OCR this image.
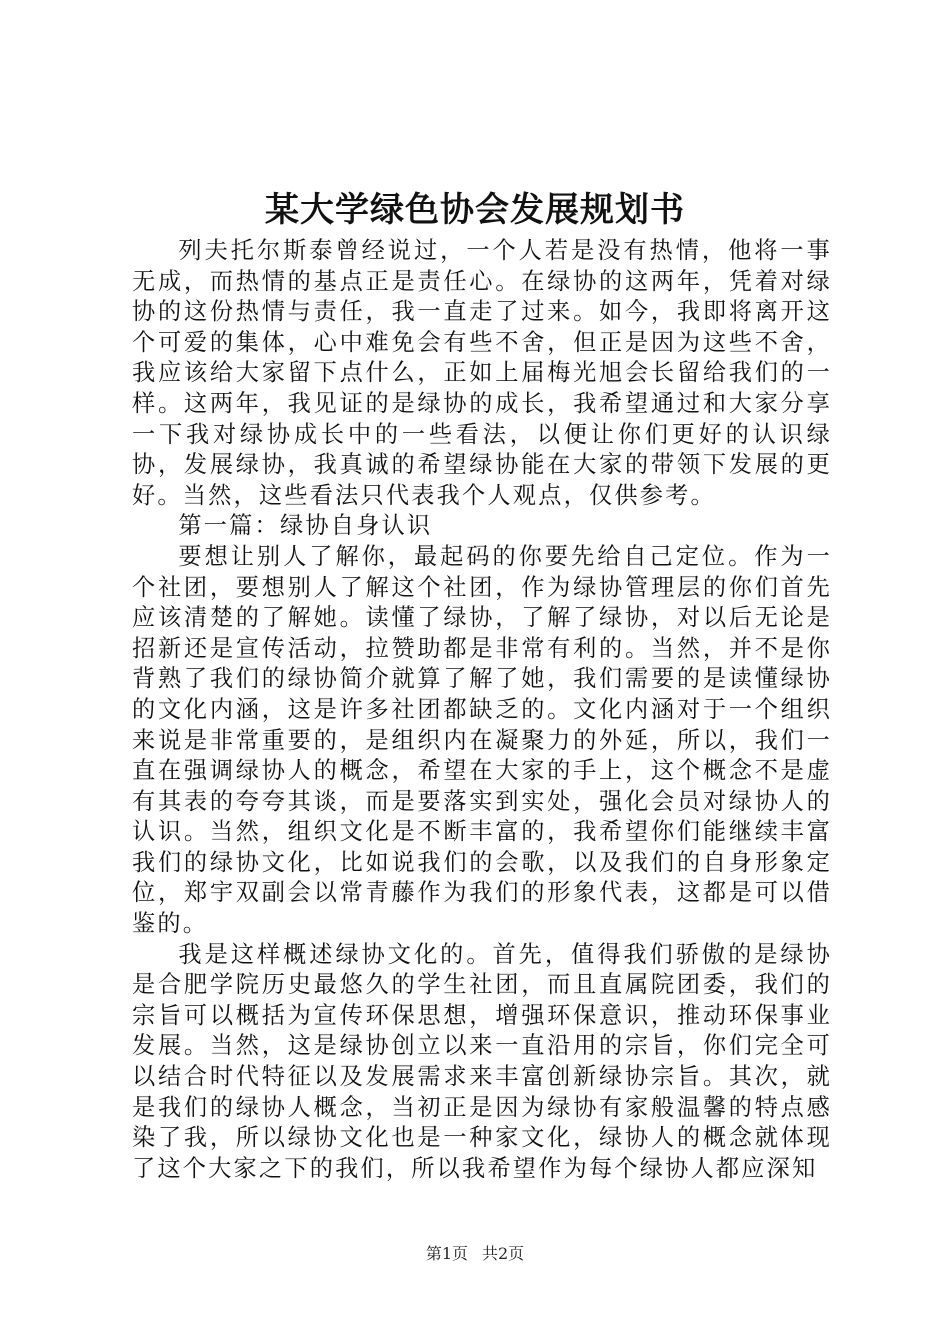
某大学绿色协会发展规划书

列夫托尔斯泰曾经说过，一个人若是没有热情，他将一事无成，而热情的基点正是责任心。在绿协的这两年，凭着对绿协的这份热情与责任，我一直走了过来。如今，我即将离开这个可爱的集体，心中难免会有些不舍，但正是因为这些不舍，我应该给大家留下点什么，正如上届梅光旭会长留给我们的一样。这两年，我见证的是绿协的成长，我希望通过和大家分享一下我对绿协成长中的一些看法，以便让你们更好的认识绿协，发展绿协，我真诚的希望绿协能在大家的带领下发展的更好。当然，这些看法只代表我个人观点，仅供参考。

第一篇：绿协自身认识

要想让别人了解你，最起码的你要先给自己定位。作为一个社团，要想别人了解这个社团，作为绿协管理层的你们首先应该清楚的了解她。读懂了绿协，了解了绿协，对以后无论是招新还是宣传活动，拉赞助都是非常有利的。当然，并不是你背熟了我们的绿协简介就算了解了她，我们需要的是读懂绿协的文化内涵，这是许多社团都缺乏的。文化内涵对于一个组织来说是非常重要的，是组织内在凝聚力的外延，所以，我们一直在强调绿协人的概念，希望在大家的手上，这个概念不是虚有其表的夸夸其谈，而是要落实到实处，强化会员对绿协人的认识。当然，组织文化是不断丰富的，我希望你们能继续丰富我们的绿协文化，比如说我们的会歌，以及我们的自身形象定位，郑宇双副会以常青藤作为我们的形象代表，这都是可以借鉴的。

我是这样概述绿协文化的。首先，值得我们骄傲的是绿协是合肥学院历史最悠久的学生社团，而且直属院团委，我们的宗旨可以概括为宣传环保思想，增强环保意识，推动环保事业发展。当然，这是绿协创立以来一直沿用的宗旨，你们完全可以结合时代特征以及发展需求来丰富创新绿协宗旨。其次，就是我们的绿协人概念，当初正是因为绿协有家般温馨的特点感染了我，所以绿协文化也是一种家文化，绿协人的概念就体现了这个大家之下的我们，所以我希望作为每个绿协人都应深知

第1页 共2页
